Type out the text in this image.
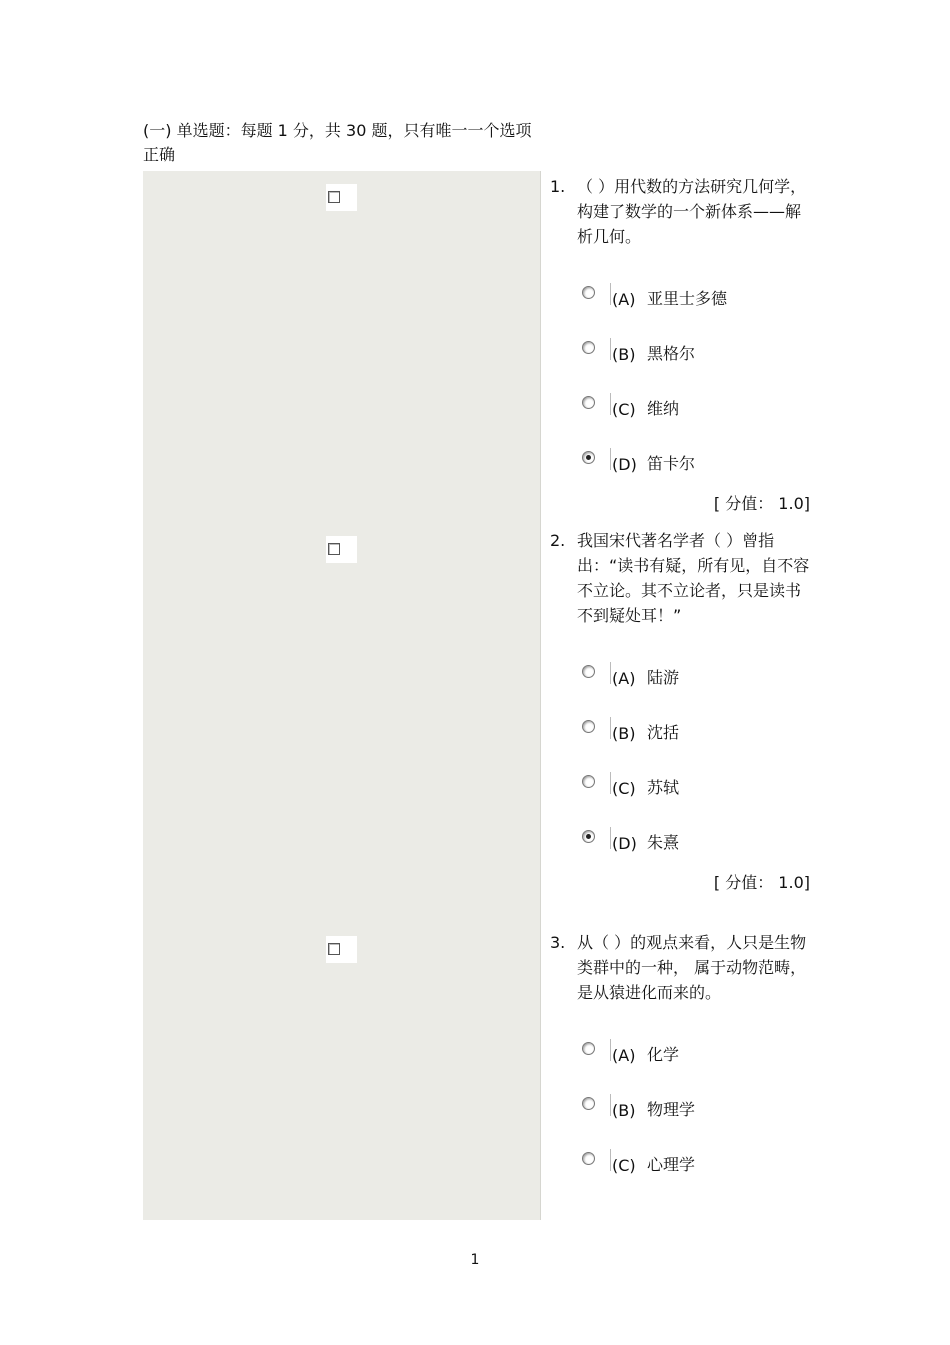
(一) 单选题：每题 1 分，共 30 题，只有唯一一个选项正确

1. （ ）用代数的方法研究几何学，构建了数学的一个新体系——解析几何。
(A) 亚里士多德
(B) 黑格尔
(C) 维纳
(D) 笛卡尔
[ 分值： 1.0]
2. 我国宋代著名学者（ ）曾指出：“读书有疑，所有见，自不容不立论。其不立论者，只是读书不到疑处耳！”
(A) 陆游
(B) 沈括
(C) 苏轼
(D) 朱熹
[ 分值： 1.0]
3. 从（ ）的观点来看，人只是生物类群中的一种， 属于动物范畴，是从猿进化而来的。
(A) 化学
(B) 物理学
(C) 心理学
1
